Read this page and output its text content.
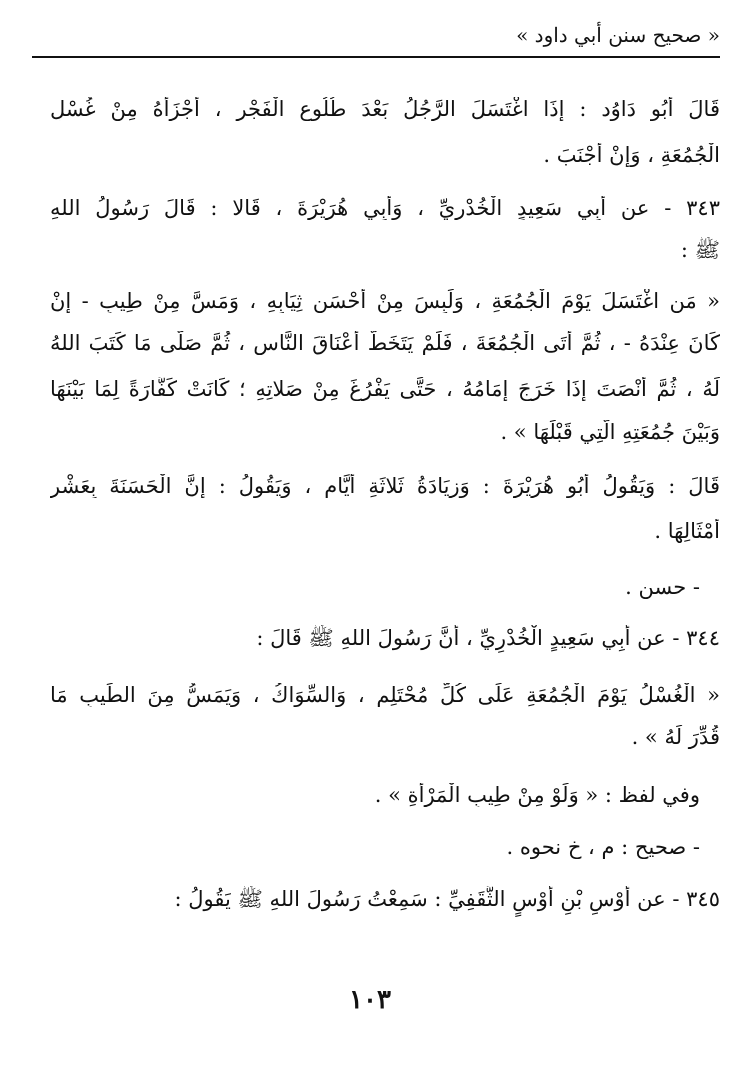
« صحيح سنن أبي داود »
قَالَ أَبُو دَاوُد : إِذَا اغْتَسَلَ الرَّجُلُ بَعْدَ طُلُوعِ الْفَجْرِ ، أَجْزَأَهُ مِنْ غُسْلِ
الْجُمُعَةِ ، وَإِنْ أَجْنَبَ .
٣٤٣ - عن أَبِي سَعِيدٍ الْخُدْرِيِّ ، وَأَبِي هُرَيْرَةَ ، قَالا : قَالَ رَسُولُ اللهِ
ﷺ :
« مَنِ اغْتَسَلَ يَوْمَ الْجُمُعَةِ ، وَلَبِسَ مِنْ أَحْسَنِ ثِيَابِهِ ، وَمَسَّ مِنْ طِيبٍ - إِنْ
كَانَ عِنْدَهُ - ، ثُمَّ أَتَى الْجُمُعَةَ ، فَلَمْ يَتَخَطَّ أَعْنَاقَ النَّاسِ ، ثُمَّ صَلَّى مَا كَتَبَ اللهُ
لَهُ ، ثُمَّ أَنْصَتَ إِذَا خَرَجَ إِمَامُهُ ، حَتَّى يَفْرُغَ مِنْ صَلاتِهِ ؛ كَانَتْ كَفَّارَةً لِمَا بَيْنَهَا
وَبَيْنَ جُمُعَتِهِ الَّتِي قَبْلَهَا » .
قَالَ : وَيَقُولُ أَبُو هُرَيْرَةَ : وَزِيَادَةُ ثَلاثَةِ أَيَّامٍ ، وَيَقُولُ : إِنَّ الْحَسَنَةَ بِعَشْرِ
أَمْثَالِهَا .
- حسن .
٣٤٤ - عن أَبِي سَعِيدٍ الْخُدْرِيِّ ، أَنَّ رَسُولَ اللهِ ﷺ قَالَ :
« الْغُسْلُ يَوْمَ الْجُمُعَةِ عَلَى كُلِّ مُحْتَلِمٍ ، وَالسِّوَاكُ ، وَيَمَسُّ مِنَ الطِّيبِ مَا
قُدِّرَ لَهُ » .
وفي لفظ : « وَلَوْ مِنْ طِيبِ الْمَرْأَةِ » .
- صحيح : م ، خ نحوه .
٣٤٥ - عن أَوْسِ بْنِ أَوْسٍ الثَّقَفِيِّ : سَمِعْتُ رَسُولَ اللهِ ﷺ يَقُولُ :
١٠٣
